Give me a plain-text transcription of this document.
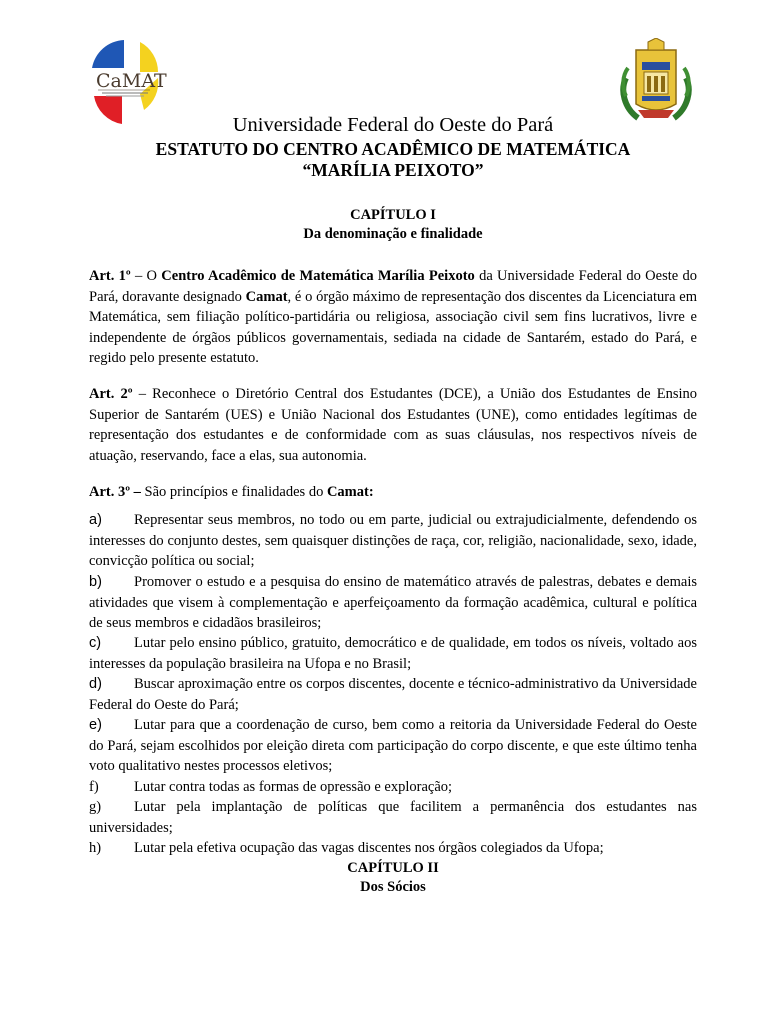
CaMAT
Universidade Federal do Oeste do Pará
ESTATUTO DO CENTRO ACADÊMICO DE MATEMÁTICA
“MARÍLIA PEIXOTO”
CAPÍTULO I
Da denominação e finalidade
Art. 1º – O Centro Acadêmico de Matemática Marília Peixoto da Universidade Federal do Oeste do Pará, doravante designado Camat, é o órgão máximo de representação dos discentes da Licenciatura em Matemática, sem filiação político-partidária ou religiosa, associação civil sem fins lucrativos, livre e independente de órgãos públicos governamentais, sediada na cidade de Santarém, estado do Pará, e regido pelo presente estatuto.
Art. 2º – Reconhece o Diretório Central dos Estudantes (DCE), a União dos Estudantes de Ensino Superior de Santarém (UES) e União Nacional dos Estudantes (UNE), como entidades legítimas de representação dos estudantes e de conformidade com as suas cláusulas, nos respectivos níveis de atuação, reservando, face a elas, sua autonomia.
Art. 3º – São princípios e finalidades do Camat:
a) Representar seus membros, no todo ou em parte, judicial ou extrajudicialmente, defendendo os interesses do conjunto destes, sem quaisquer distinções de raça, cor, religião, nacionalidade, sexo, idade, convicção política ou social;
b) Promover o estudo e a pesquisa do ensino de matemático através de palestras, debates e demais atividades que visem à complementação e aperfeiçoamento da formação acadêmica, cultural e política de seus membros e cidadãos brasileiros;
c) Lutar pelo ensino público, gratuito, democrático e de qualidade, em todos os níveis, voltado aos interesses da população brasileira na Ufopa e no Brasil;
d) Buscar aproximação entre os corpos discentes, docente e técnico-administrativo da Universidade Federal do Oeste do Pará;
e) Lutar para que a coordenação de curso, bem como a reitoria da Universidade Federal do Oeste do Pará, sejam escolhidos por eleição direta com participação do corpo discente, e que este último tenha voto qualitativo nestes processos eletivos;
f) Lutar contra todas as formas de opressão e exploração;
g) Lutar pela implantação de políticas que facilitem a permanência dos estudantes nas universidades;
h) Lutar pela efetiva ocupação das vagas discentes nos órgãos colegiados da Ufopa;
CAPÍTULO II
Dos Sócios
